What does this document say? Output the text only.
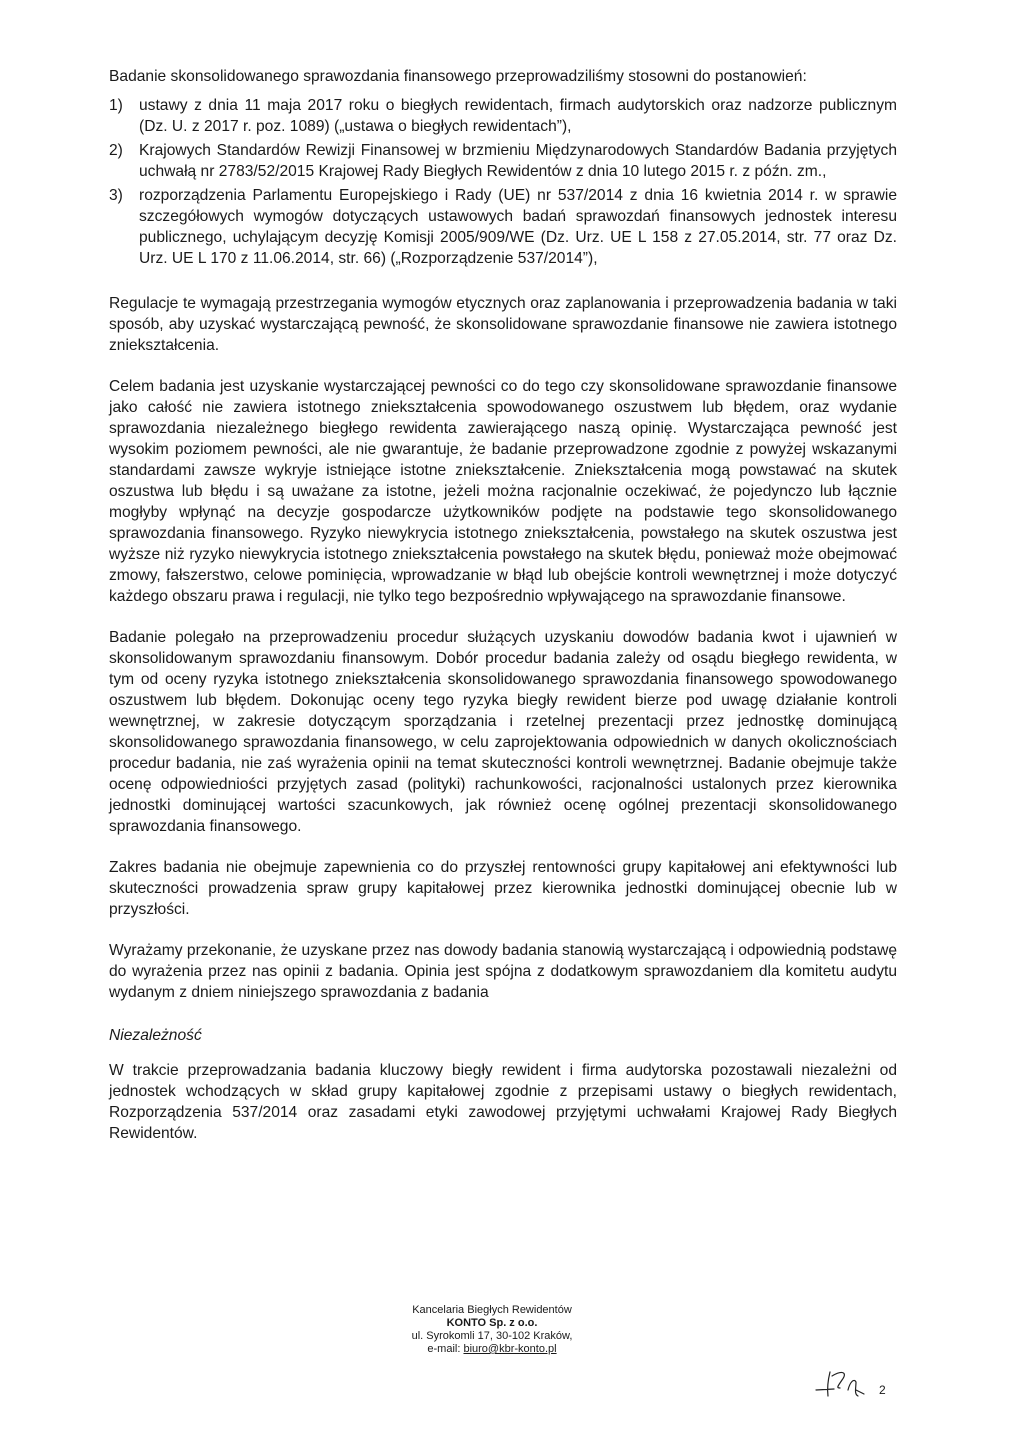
Badanie skonsolidowanego sprawozdania finansowego przeprowadziliśmy stosowni do postanowień:

1)	ustawy z dnia 11 maja 2017 roku o biegłych rewidentach, firmach audytorskich oraz nadzorze publicznym (Dz. U. z 2017 r. poz. 1089) („ustawa o biegłych rewidentach”),
2)	Krajowych Standardów Rewizji Finansowej w brzmieniu Międzynarodowych Standardów Badania przyjętych uchwałą nr 2783/52/2015 Krajowej Rady Biegłych Rewidentów z dnia 10 lutego 2015 r. z późn. zm.,
3)	rozporządzenia Parlamentu Europejskiego i Rady (UE) nr 537/2014 z dnia 16 kwietnia 2014 r. w sprawie szczegółowych wymogów dotyczących ustawowych badań sprawozdań finansowych jednostek interesu publicznego, uchylającym decyzję Komisji 2005/909/WE (Dz. Urz. UE L 158 z 27.05.2014, str. 77 oraz Dz. Urz. UE L 170 z 11.06.2014, str. 66) („Rozporządzenie 537/2014”),

Regulacje te wymagają przestrzegania wymogów etycznych oraz zaplanowania i przeprowadzenia badania w taki sposób, aby uzyskać wystarczającą pewność, że skonsolidowane sprawozdanie finansowe nie zawiera istotnego zniekształcenia.

Celem badania jest uzyskanie wystarczającej pewności co do tego czy skonsolidowane sprawozdanie finansowe jako całość nie zawiera istotnego zniekształcenia spowodowanego oszustwem lub błędem, oraz wydanie sprawozdania niezależnego biegłego rewidenta zawierającego naszą opinię. Wystarczająca pewność jest wysokim poziomem pewności, ale nie gwarantuje, że badanie przeprowadzone zgodnie z powyżej wskazanymi standardami zawsze wykryje istniejące istotne zniekształcenie. Zniekształcenia mogą powstawać na skutek oszustwa lub błędu i są uważane za istotne, jeżeli można racjonalnie oczekiwać, że pojedynczo lub łącznie mogłyby wpłynąć na decyzje gospodarcze użytkowników podjęte na podstawie tego skonsolidowanego sprawozdania finansowego. Ryzyko niewykrycia istotnego zniekształcenia, powstałego na skutek oszustwa jest wyższe niż ryzyko niewykrycia istotnego zniekształcenia powstałego na skutek błędu, ponieważ może obejmować zmowy, fałszerstwo, celowe pominięcia, wprowadzanie w błąd lub obejście kontroli wewnętrznej i może dotyczyć każdego obszaru prawa i regulacji, nie tylko tego bezpośrednio wpływającego na sprawozdanie finansowe.

Badanie polegało na przeprowadzeniu procedur służących uzyskaniu dowodów badania kwot i ujawnień w skonsolidowanym sprawozdaniu finansowym. Dobór procedur badania zależy od osądu biegłego rewidenta, w tym od oceny ryzyka istotnego zniekształcenia skonsolidowanego sprawozdania finansowego spowodowanego oszustwem lub błędem. Dokonując oceny tego ryzyka biegły rewident bierze pod uwagę działanie kontroli wewnętrznej, w zakresie dotyczącym sporządzania i rzetelnej prezentacji przez jednostkę dominującą skonsolidowanego sprawozdania finansowego, w celu zaprojektowania odpowiednich w danych okolicznościach procedur badania, nie zaś wyrażenia opinii na temat skuteczności kontroli wewnętrznej. Badanie obejmuje także ocenę odpowiedniości przyjętych zasad (polityki) rachunkowości, racjonalności ustalonych przez kierownika jednostki dominującej wartości szacunkowych, jak również ocenę ogólnej prezentacji skonsolidowanego sprawozdania finansowego.

Zakres badania nie obejmuje zapewnienia co do przyszłej rentowności grupy kapitałowej ani efektywności lub skuteczności prowadzenia spraw grupy kapitałowej przez kierownika jednostki dominującej obecnie lub w przyszłości.

Wyrażamy przekonanie, że uzyskane przez nas dowody badania stanowią wystarczającą i odpowiednią podstawę do wyrażenia przez nas opinii z badania. Opinia jest spójna z dodatkowym sprawozdaniem dla komitetu audytu wydanym z dniem niniejszego sprawozdania z badania

Niezależność

W trakcie przeprowadzania badania kluczowy biegły rewident i firma audytorska pozostawali niezależni od jednostek wchodzących w skład grupy kapitałowej zgodnie z przepisami ustawy o biegłych rewidentach, Rozporządzenia 537/2014 oraz zasadami etyki zawodowej przyjętymi uchwałami Krajowej Rady Biegłych Rewidentów.

Kancelaria Biegłych Rewidentów
KONTO Sp. z o.o.
ul. Syrokomli 17, 30-102 Kraków,
e-mail: biuro@kbr-konto.pl
2
